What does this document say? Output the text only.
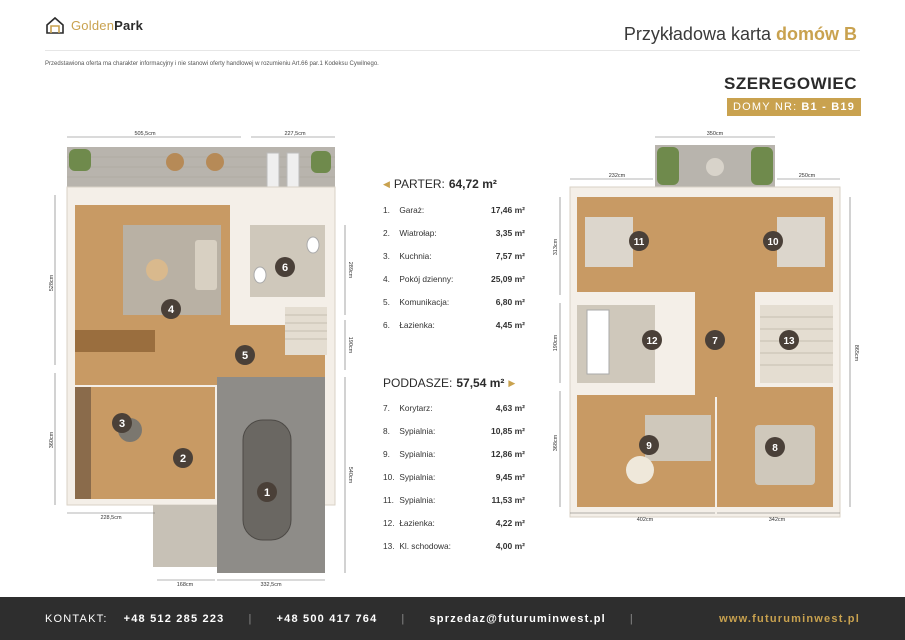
GoldenPark	Przykładowa karta domów B
Przedstawiona oferta ma charakter informacyjny i nie stanowi oferty handlowej w rozumieniu Art.66 par.1 Kodeksu Cywilnego.
SZEREGOWIEC
DOMY NR: B1 - B19
505,5cm	227,5cm
528cm
360cm
289cm
190cm
540cm
228,5cm
168cm	332,5cm
1
2
3
4
5
6
◀ PARTER: 64,72 m²
1. Garaż:	17,46 m²
2. Wiatrołap:	3,35 m²
3. Kuchnia:	7,57 m²
4. Pokój dzienny:	25,09 m²
5. Komunikacja:	6,80 m²
6. Łazienka:	4,45 m²
PODDASZE: 57,54 m² ▶
7. Korytarz:	4,63 m²
8. Sypialnia:	10,85 m²
9. Sypialnia:	12,86 m²
10. Sypialnia:	9,45 m²
11. Sypialnia:	11,53 m²
12. Łazienka:	4,22 m²
13. Kl. schodowa:	4,00 m²
350cm
232cm	250cm
313cm
190cm
368cm
865cm
402cm	342cm
7
8
9
10
11
12	13
KONTAKT: +48 512 285 223 | +48 500 417 764 | sprzedaz@futuruminwest.pl |	www.futuruminwest.pl
